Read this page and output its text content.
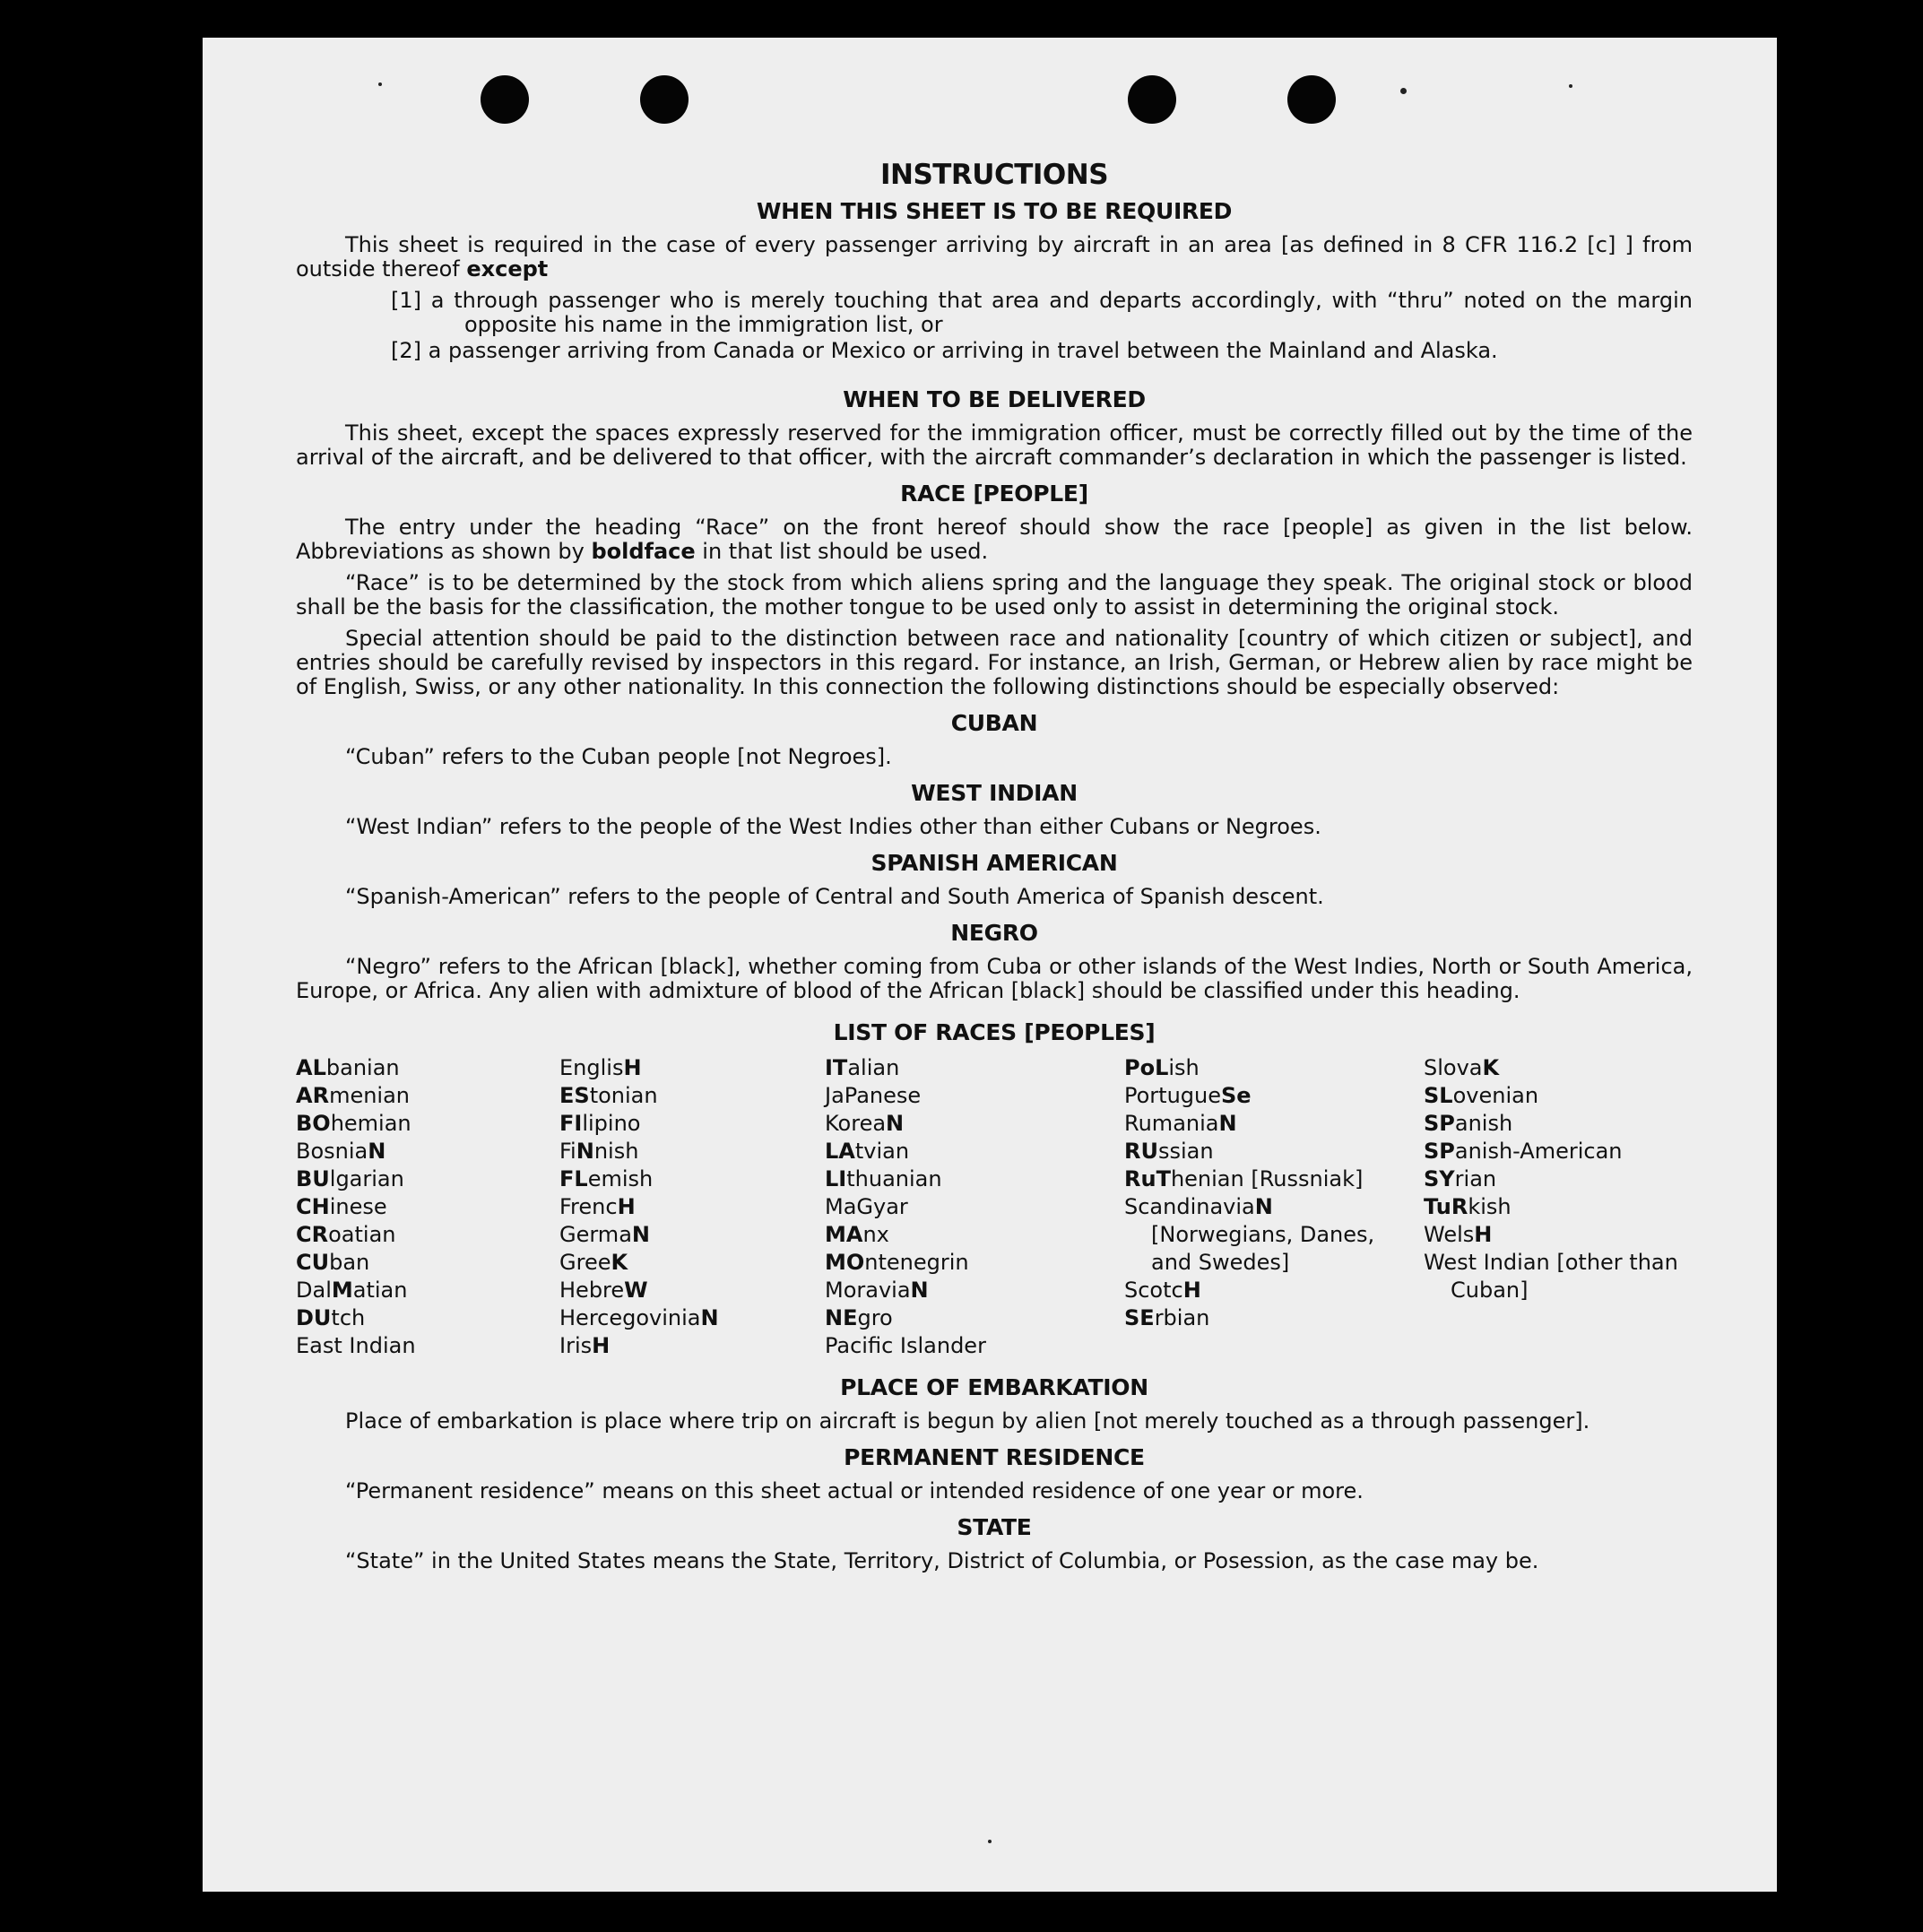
INSTRUCTIONS
WHEN THIS SHEET IS TO BE REQUIRED

This sheet is required in the case of every passenger arriving by aircraft in an area [as defined in 8 CFR 116.2 [c] ] from outside thereof except

[1] a through passenger who is merely touching that area and departs accordingly, with “thru” noted on the margin opposite his name in the immigration list, or
[2] a passenger arriving from Canada or Mexico or arriving in travel between the Mainland and Alaska.
WHEN TO BE DELIVERED

This sheet, except the spaces expressly reserved for the immigration officer, must be correctly filled out by the time of the arrival of the aircraft, and be delivered to that officer, with the aircraft commander’s declaration in which the passenger is listed.

RACE [PEOPLE]

The entry under the heading “Race” on the front hereof should show the race [people] as given in the list below. Abbreviations as shown by boldface in that list should be used.

“Race” is to be determined by the stock from which aliens spring and the language they speak. The original stock or blood shall be the basis for the classification, the mother tongue to be used only to assist in determining the original stock.

Special attention should be paid to the distinction between race and nationality [country of which citizen or subject], and entries should be carefully revised by inspectors in this regard. For instance, an Irish, German, or Hebrew alien by race might be of English, Swiss, or any other nationality. In this connection the following distinctions should be especially observed:

CUBAN

“Cuban” refers to the Cuban people [not Negroes].

WEST INDIAN

“West Indian” refers to the people of the West Indies other than either Cubans or Negroes.

SPANISH AMERICAN

“Spanish-American” refers to the people of Central and South America of Spanish descent.

NEGRO

“Negro” refers to the African [black], whether coming from Cuba or other islands of the West Indies, North or South America, Europe, or Africa. Any alien with admixture of blood of the African [black] should be classified under this heading.

LIST OF RACES [PEOPLES]
ALbanian
ARmenian
BOhemian
BosniaN
BUlgarian
CHinese
CRoatian
CUban
DalMatian
DUtch
East Indian
EnglisH
EStonian
FIlipino
FiNnish
FLemish
FrencH
GermaN
GreeK
HebreW
HercegoviniaN
IrisH
ITalian
JaPanese
KoreaN
LAtvian
LIthuanian
MaGyar
MAnx
MOntenegrin
MoraviaN
NEgro
Pacific Islander
PoLish
PortugueSe
RumaniaN
RUssian
RuThenian [Russniak]
ScandinaviaN [Norwegians, Danes, and Swedes]
ScotcH
SErbian
SlovaK
SLovenian
SPanish
SPanish-American
SYrian
TuRkish
WelsH
West Indian [other than Cuban]
PLACE OF EMBARKATION

Place of embarkation is place where trip on aircraft is begun by alien [not merely touched as a through passenger].

PERMANENT RESIDENCE

“Permanent residence” means on this sheet actual or intended residence of one year or more.

STATE

“State” in the United States means the State, Territory, District of Columbia, or Posession, as the case may be.
